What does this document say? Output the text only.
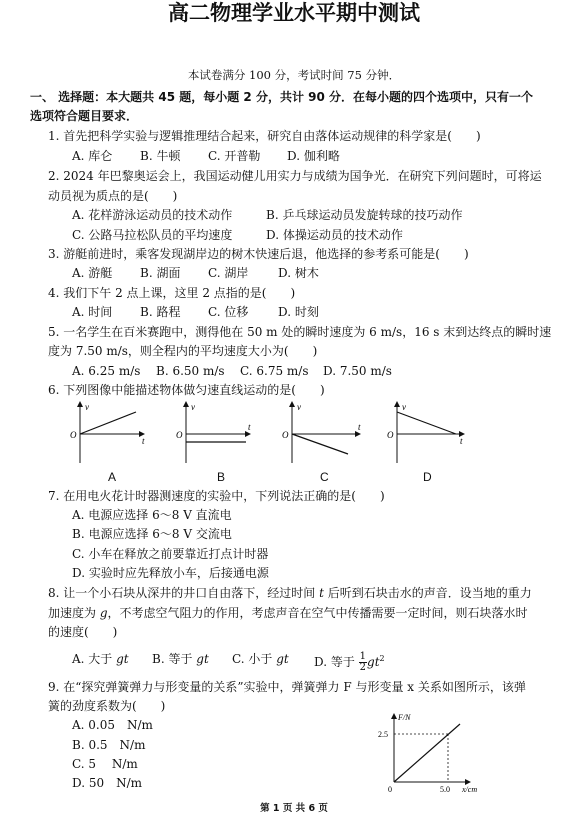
高二物理学业水平期中测试
本试卷满分 100 分，考试时间 75 分钟．
一、 选择题：本大题共 45 题，每小题 2 分，共计 90 分．在每小题的四个选项中，只有一个
选项符合题目要求．
1. 首先把科学实验与逻辑推理结合起来，研究自由落体运动规律的科学家是(　　)
A. 库仑 B. 牛顿 C. 开普勒 D. 伽利略
2. 2024 年巴黎奥运会上，我国运动健儿用实力与成绩为国争光．在研究下列问题时，可将运
动员视为质点的是(　　)
A. 花样游泳运动员的技术动作	B. 乒乓球运动员发旋转球的技巧动作
C. 公路马拉松队员的平均速度	D. 体操运动员的技术动作
3. 游艇前进时，乘客发现湖岸边的树木快速后退，他选择的参考系可能是(　　)
A. 游艇 B. 湖面 C. 湖岸 D. 树木
4. 我们下午 2 点上课，这里 2 点指的是(　　)
A. 时间 B. 路程 C. 位移 D. 时刻
5. 一名学生在百米赛跑中，测得他在 50 m 处的瞬时速度为 6 m/s，16 s 末到达终点的瞬时速
度为 7.50 m/s，则全程内的平均速度大小为(　　)
A. 6.25 m/s B. 6.50 m/s C. 6.75 m/s D. 7.50 m/s
6. 下列图像中能描述物体做匀速直线运动的是(　　)
v
t
O
v
t
O
v
t
O
v
t
O
A	B	C	D
7. 在用电火花计时器测速度的实验中，下列说法正确的是(　　)
A. 电源应选择 6～8 V 直流电
B. 电源应选择 6～8 V 交流电
C. 小车在释放之前要靠近打点计时器
D. 实验时应先释放小车，后接通电源
8. 让一个小石块从深井的井口自由落下，经过时间 t 后听到石块击水的声音．设当地的重力
加速度为 g，不考虑空气阻力的作用，考虑声音在空气中传播需要一定时间，则石块落水时
的速度(　　)
A. 大于 gt B. 等于 gt C. 小于 gt D. 等于 $\frac{1}{2} gt^2$
9. 在“探究弹簧弹力与形变量的关系”实验中，弹簧弹力 F 与形变量 x 关系如图所示，该弹
簧的劲度系数为(　　)
A. 0.05　N/m
B. 0.5　N/m
C. 5　 N/m
D. 50　N/m
F/N
2.5
5.0 x/cm
0
第 1 页 共 6 页
